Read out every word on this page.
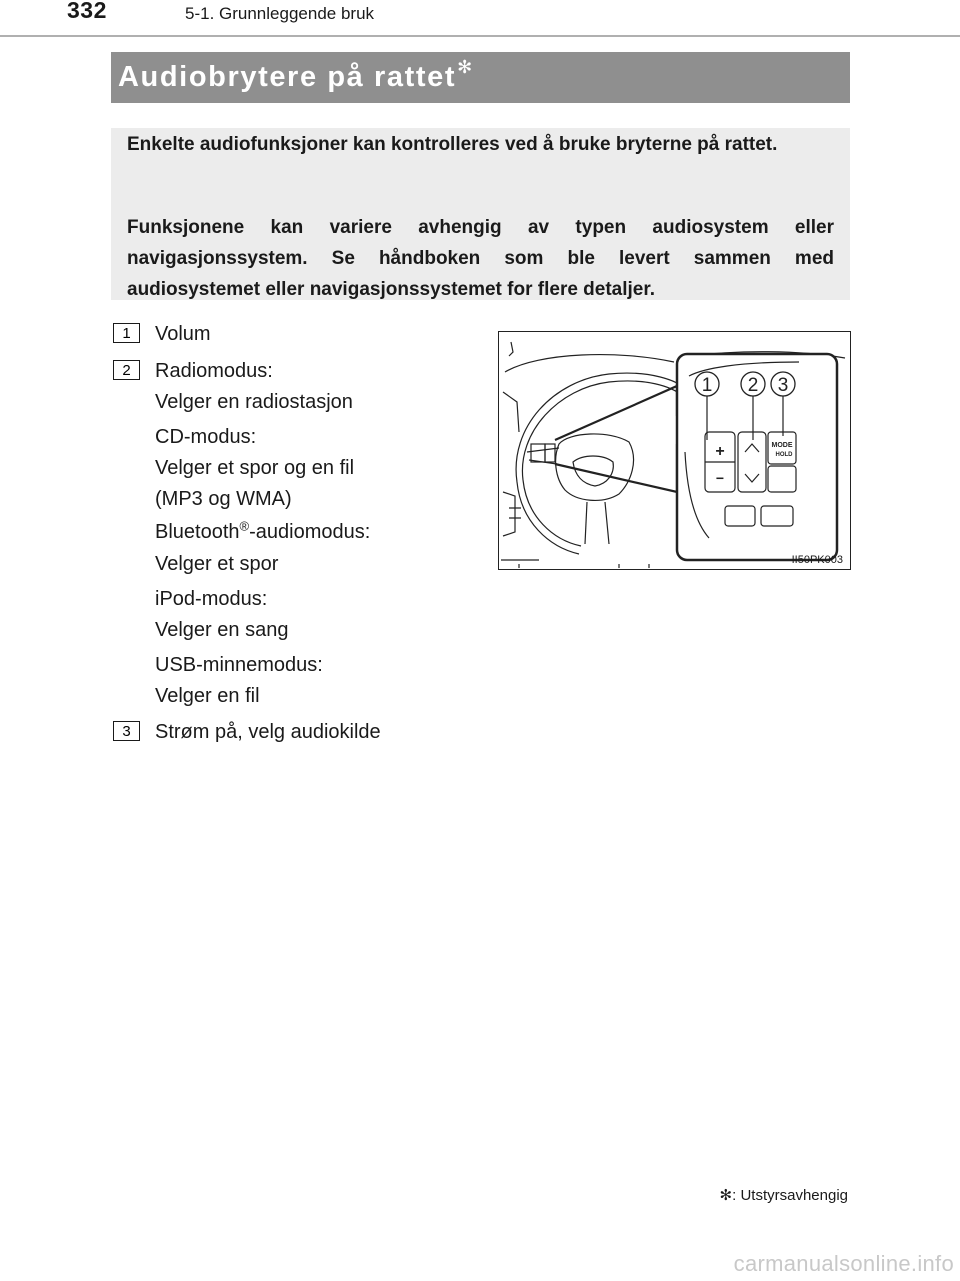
332	5-1. Grunnleggende bruk
Audiobrytere på rattet✻

Enkelte audiofunksjoner kan kontrolleres ved å bruke bryterne på rattet.

Funksjonene kan variere avhengig av typen audiosystem eller navigasjonssystem. Se håndboken som ble levert sammen med audiosystemet eller navigasjonssystemet for flere detaljer.

1 Volum
2 Radiomodus:
Velger en radiostasjon
CD-modus:
Velger et spor og en fil
(MP3 og WMA)
Bluetooth®-audiomodus:
Velger et spor
iPod-modus:
Velger en sang
USB-minnemodus:
Velger en fil
3 Strøm på, velg audiokilde
+
−
MODE
HOLD
1 2 3
II50PK003
✻: Utstyrsavhengig
carmanualsonline.info
